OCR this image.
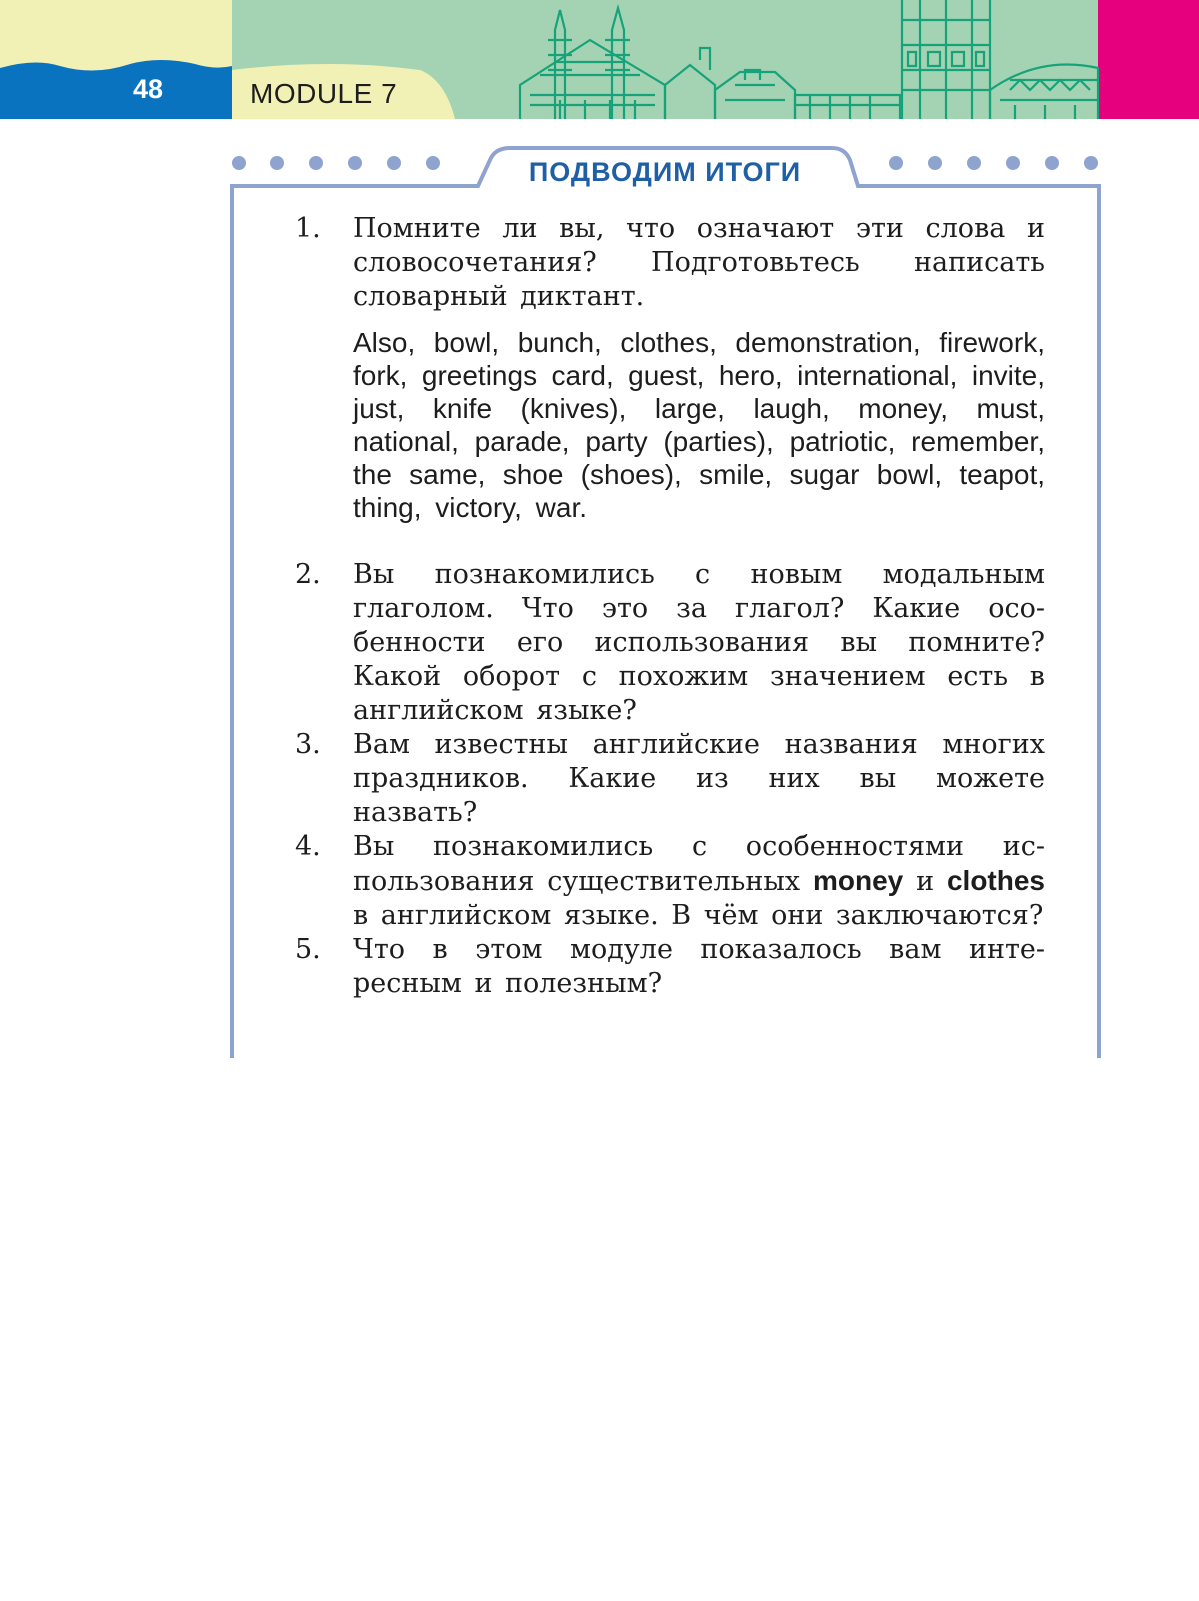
48	MODULE 7
ПОДВОДИМ ИТОГИ
1. Помните ли вы, что означают эти слова и словосочетания? Подготовьтесь написать словарный диктант.
Also, bowl, bunch, clothes, demonstration, firework, fork, greetings card, guest, hero, international, invite, just, knife (knives), large, laugh, money, must, national, parade, party (parties), patriotic, remember, the same, shoe (shoes), smile, sugar bowl, teapot, thing, victory, war.
2. Вы познакомились с новым модальным глаголом. Что это за глагол? Какие особенности его использования вы помните? Какой оборот с похожим значением есть в английском языке?
3. Вам известны английские названия многих праздников. Какие из них вы можете назвать?
4. Вы познакомились с особенностями использования существительных money и clothes в английском языке. В чём они заключаются?
5. Что в этом модуле показалось вам интересным и полезным?
